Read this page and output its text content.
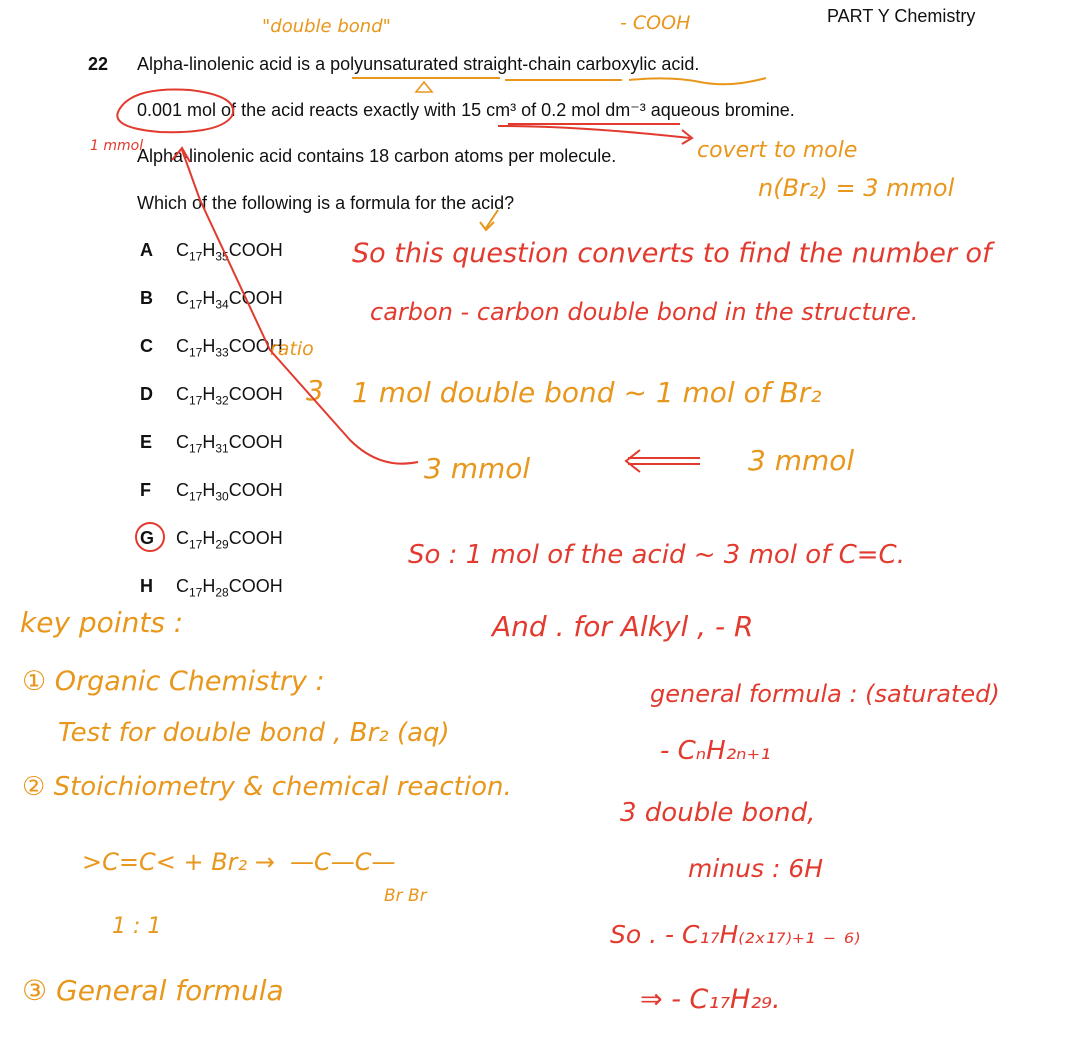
PART Y Chemistry
22 Alpha-linolenic acid is a polyunsaturated straight-chain carboxylic acid.
0.001 mol of the acid reacts exactly with 15 cm³ of 0.2 mol dm⁻³ aqueous bromine.
Alpha-linolenic acid contains 18 carbon atoms per molecule.
Which of the following is a formula for the acid?
A $C_{17}H_{35}COOH$
B $C_{17}H_{34}COOH$
C $C_{17}H_{33}COOH$
D $C_{17}H_{32}COOH$
E $C_{17}H_{31}COOH$
F $C_{17}H_{30}COOH$
G $C_{17}H_{29}COOH$
H $C_{17}H_{28}COOH$
"double bond"	- COOH
1 mmol	covert to mole
n(Br₂) = 3 mmol
So this question converts to find the number of
carbon - carbon double bond in the structure.
ratio
3 1 mol double bond ~ 1 mol of Br₂
3 mmol	3 mmol
So : 1 mol of the acid ~ 3 mol of C=C.
And . for Alkyl , - R
general formula : (saturated)
- CₙH₂ₙ₊₁
3 double bond,
minus : 6H
So . - C₁₇H₍₂ₓ₁₇₎₊₁ ₋ ₆₎
⇒ - C₁₇H₂₉.
key points :
① Organic Chemistry :
Test for double bond , Br₂ (aq)
② Stoichiometry & chemical reaction.
>C=C< + Br₂ → —C—C—
Br Br
1 : 1
③ General formula
